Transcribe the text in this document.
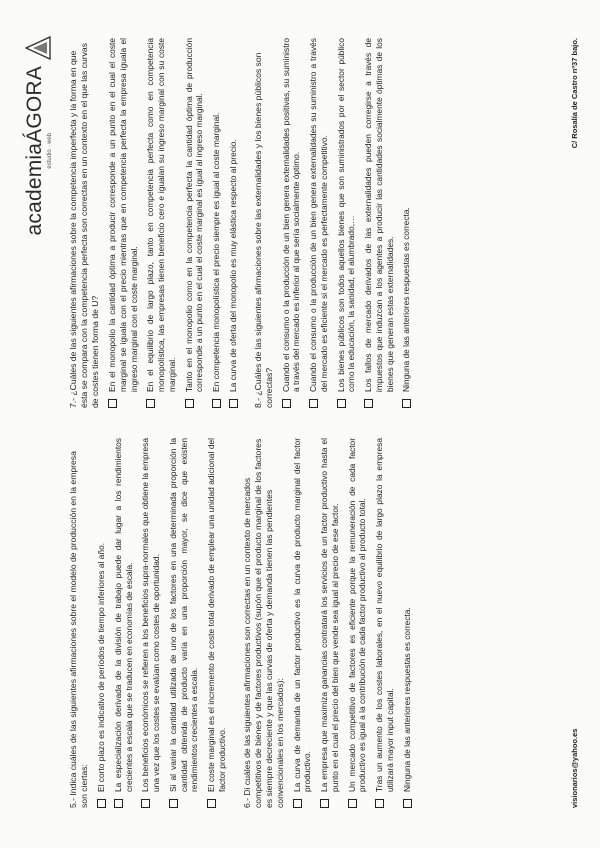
academiaÁGORA estudio · web

5.- Indica cuáles de las siguientes afirmaciones sobre el modelo de producción en la empresa son ciertas: El corto plazo es indicativo de períodos de tiempo inferiores al año. La especialización derivada de la división de trabajo puede dar lugar a los rendimientos crecientes a escala que se traducen en economías de escala. Los beneficios económicos se refieren a los beneficios supra-normales que obtiene la empresa una vez que los costes se evalúan como costes de oportunidad. Si al variar la cantidad utilizada de uno de los factores en una determinada proporción la cantidad obtenida de producto varía en una proporción mayor, se dice que existen rendimientos crecientes a escala. El coste marginal es el incremento de coste total derivado de emplear una unidad adicional del factor productivo.

6.- Di cuáles de las siguientes afirmaciones son correctas en un contexto de mercados competitivos de bienes y de factores productivos (supón que el producto marginal de los factores es siempre decreciente y que las curvas de oferta y demanda tienen las pendientes convencionales en los mercados): La curva de demanda de un factor productivo es la curva de producto marginal del factor productivo. La empresa que maximiza ganancias contratará los servicios de un factor productivo hasta el punto en el cual el precio del bien que vende sea igual al precio de ese factor. Un mercado competitivo de factores es eficiente porque la remuneración de cada factor productivo es igual a la contribución de cada factor productivo al producto total. Tras un aumento de los costes laborales, en el nuevo equilibrio de largo plazo la empresa utilizará mayor input capital. Ninguna de las anteriores respuestas es correcta.

7.- ¿Cuáles de las siguientes afirmaciones sobre la competencia imperfecta y la forma en que ésta se compara con la competencia perfecta son correctas en un contexto en el que las curvas de costes tienen forma de U? En el monopolio la cantidad óptima a producir corresponde a un punto en el cual el coste marginal se iguala con el precio mientras que en competencia perfecta la empresa iguala el ingreso marginal con el coste marginal. En el equilibrio de largo plazo, tanto en competencia perfecta como en competencia monopolística, las empresas tienen beneficio cero e igualan su ingreso marginal con su coste marginal. Tanto en el monopolio como en la competencia perfecta la cantidad óptima de producción corresponde a un punto en el cual el coste marginal es igual al ingreso marginal. En competencia monopolística el precio siempre es igual al coste marginal. La curva de oferta del monopolio es muy elástica respecto al precio.

8.- ¿Cuáles de las siguientes afirmaciones sobre las externalidades y los bienes públicos son correctas? Cuando el consumo o la producción de un bien genera externalidades positivas, su suministro a través del mercado es inferior al que sería socialmente óptimo. Cuando el consumo o la producción de un bien genera externalidades su suministro a través del mercado es eficiente si el mercado es perfectamente competitivo. Los bienes públicos son todos aquellos bienes que son suministrados por el sector público como la educación, la sanidad, el alumbrado,… Los fallos de mercado derivados de las externalidades pueden corregirse a través de impuestos que induzcan a los agentes a producir las cantidades socialmente óptimas de los bienes que generan estas externalidades. Ninguna de las anteriores respuestas es correcta.
visionarios@yahoo.es
C/ Rosalía de Castro nº37 bajo.
